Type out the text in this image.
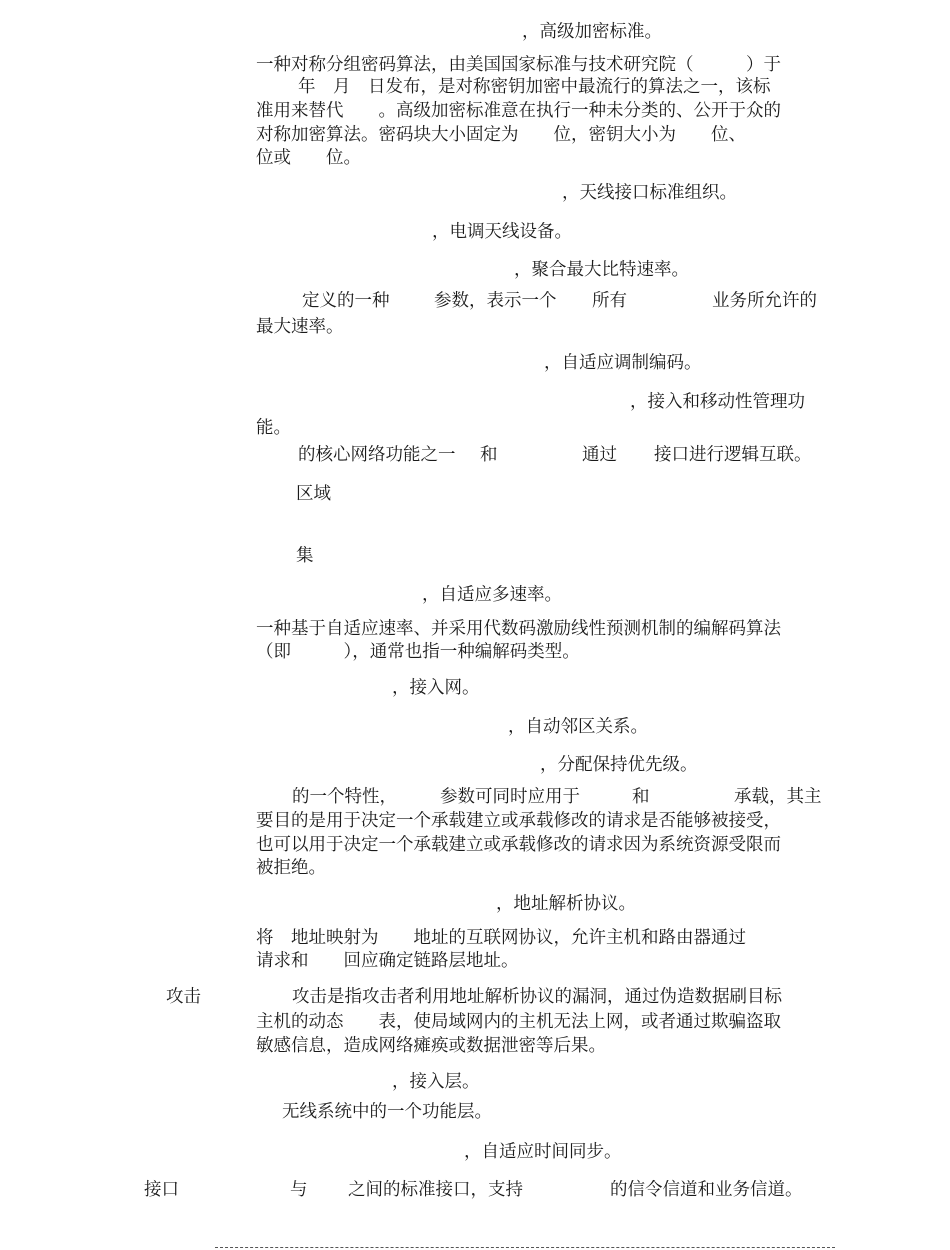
，高级加密标准。

一种对称分组密码算法，由美国国家标准与技术研究院（　　　）于

年　月　日发布，是对称密钥加密中最流行的算法之一，该标

准用来替代　　。高级加密标准意在执行一种未分类的、公开于众的

对称加密算法。密码块大小固定为　　位，密钥大小为　　位、

位或　　位。

，天线接口标准组织。

，电调天线设备。

，聚合最大比特速率。

定义的一种	参数，表示一个 所有	业务所允许的

最大速率。

，自适应调制编码。

，接入和移动性管理功

能。

的核心网络功能之一 和	通过 接口进行逻辑互联。

区域

集

，自适应多速率。

一种基于自适应速率、并采用代数码激励线性预测机制的编解码算法

（即　　　），通常也指一种编解码类型。

，接入网。

，自动邻区关系。

，分配保持优先级。

的一个特性， 参数可同时应用于	和	承载，其主

要目的是用于决定一个承载建立或承载修改的请求是否能够被接受，

也可以用于决定一个承载建立或承载修改的请求因为系统资源受限而

被拒绝。

，地址解析协议。

将　地址映射为　　地址的互联网协议，允许主机和路由器通过

请求和　　回应确定链路层地址。

攻击	攻击是指攻击者利用地址解析协议的漏洞，通过伪造数据刷目标

主机的动态　　表，使局域网内的主机无法上网，或者通过欺骗盗取

敏感信息，造成网络瘫痪或数据泄密等后果。

，接入层。

无线系统中的一个功能层。

，自适应时间同步。

接口	与 之间的标准接口，支持	的信令信道和业务信道。
